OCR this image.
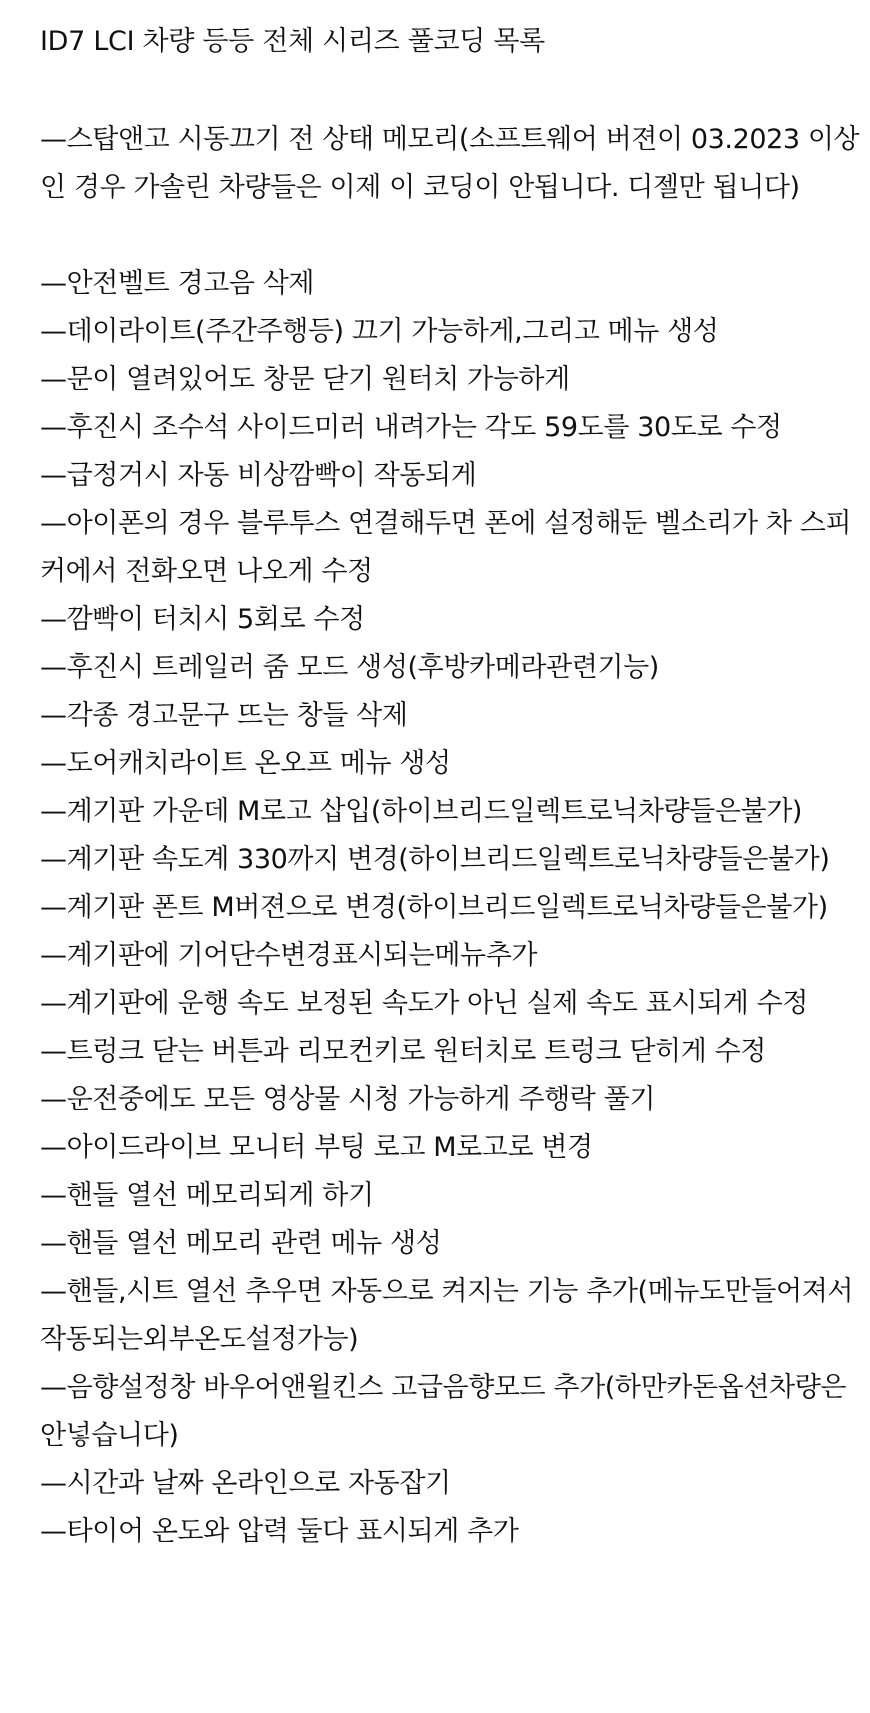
ID7 LCI 차량 등등 전체 시리즈 풀코딩 목록

—스탑앤고 시동끄기 전 상태 메모리(소프트웨어 버젼이 03.2023 이상인 경우 가솔린 차량들은 이제 이 코딩이 안됩니다. 디젤만 됩니다)

—안전벨트 경고음 삭제
—데이라이트(주간주행등) 끄기 가능하게,그리고 메뉴 생성
—문이 열려있어도 창문 닫기 원터치 가능하게
—후진시 조수석 사이드미러 내려가는 각도 59도를 30도로 수정
—급정거시 자동 비상깜빡이 작동되게
—아이폰의 경우 블루투스 연결해두면 폰에 설정해둔 벨소리가 차 스피커에서 전화오면 나오게 수정
—깜빡이 터치시 5회로 수정
—후진시 트레일러 줌 모드 생성(후방카메라관련기능)
—각종 경고문구 뜨는 창들 삭제
—도어캐치라이트 온오프 메뉴 생성
—계기판 가운데 M로고 삽입(하이브리드일렉트로닉차량들은불가)
—계기판 속도계 330까지 변경(하이브리드일렉트로닉차량들은불가)
—계기판 폰트 M버젼으로 변경(하이브리드일렉트로닉차량들은불가)
—계기판에 기어단수변경표시되는메뉴추가
—계기판에 운행 속도 보정된 속도가 아닌 실제 속도 표시되게 수정
—트렁크 닫는 버튼과 리모컨키로 원터치로 트렁크 닫히게 수정
—운전중에도 모든 영상물 시청 가능하게 주행락 풀기
—아이드라이브 모니터 부팅 로고 M로고로 변경
—핸들 열선 메모리되게 하기
—핸들 열선 메모리 관련 메뉴 생성
—핸들,시트 열선 추우면 자동으로 켜지는 기능 추가(메뉴도만들어져서작동되는외부온도설정가능)
—음향설정창 바우어앤윌킨스 고급음향모드 추가(하만카돈옵션차량은안넣습니다)
—시간과 날짜 온라인으로 자동잡기
—타이어 온도와 압력 둘다 표시되게 추가
